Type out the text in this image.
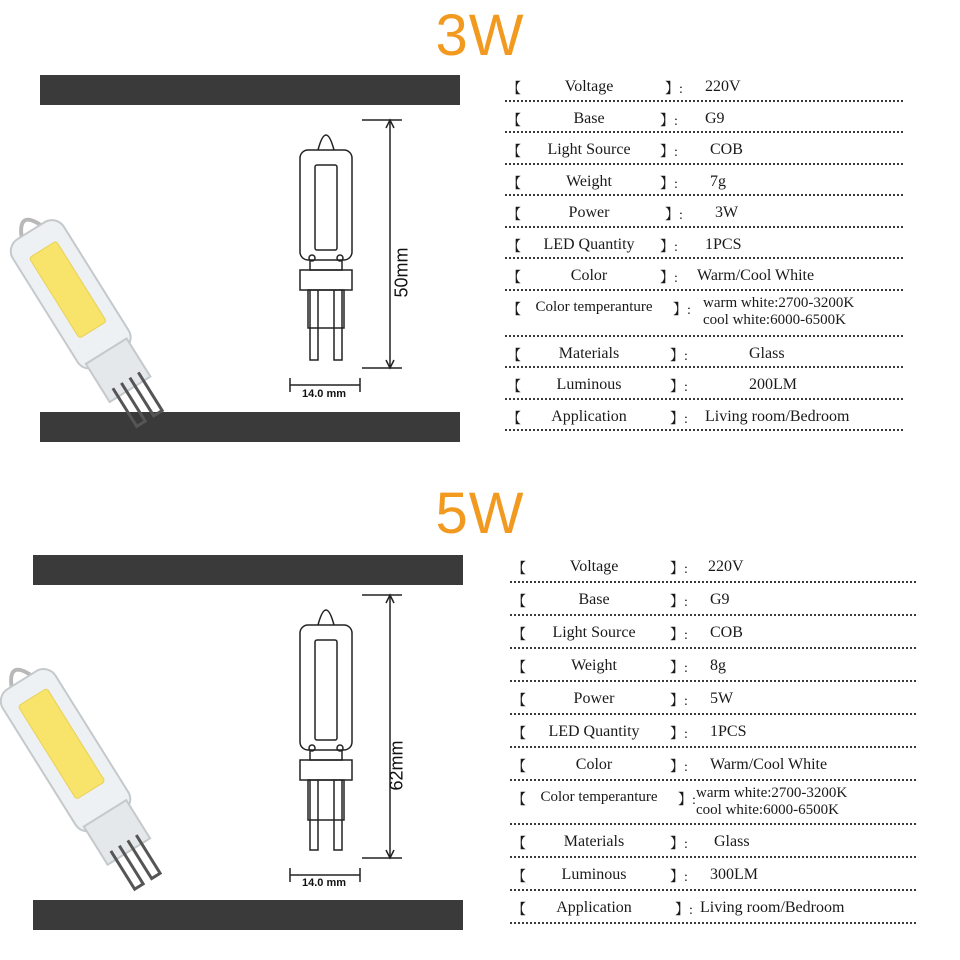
3W
14.0 mm
50mm
【	Voltage	】: 220V
【	Base	】: G9
【	Light Source	】: COB
【	Weight	】: 7g
【	Power	】: 3W
【	LED Quantity	】: 1PCS
【	Color	】: Warm/Cool White
【 Color temperanture	】: warm white:2700-3200K
cool white:6000-6500K
【	Materials	】:	Glass
【	Luminous	】:	200LM
【	Application	】: Living room/Bedroom
5W
14.0 mm
62mm
【	Voltage	】: 220V
【	Base	】: G9
【	Light Source	】: COB
【	Weight	】: 8g
【	Power	】: 5W
【	LED Quantity	】: 1PCS
【	Color	】: Warm/Cool White
【 Color temperanture	】: warm white:2700-3200K
cool white:6000-6500K
【	Materials	】: Glass
【	Luminous	】: 300LM
【	Application	】: Living room/Bedroom
